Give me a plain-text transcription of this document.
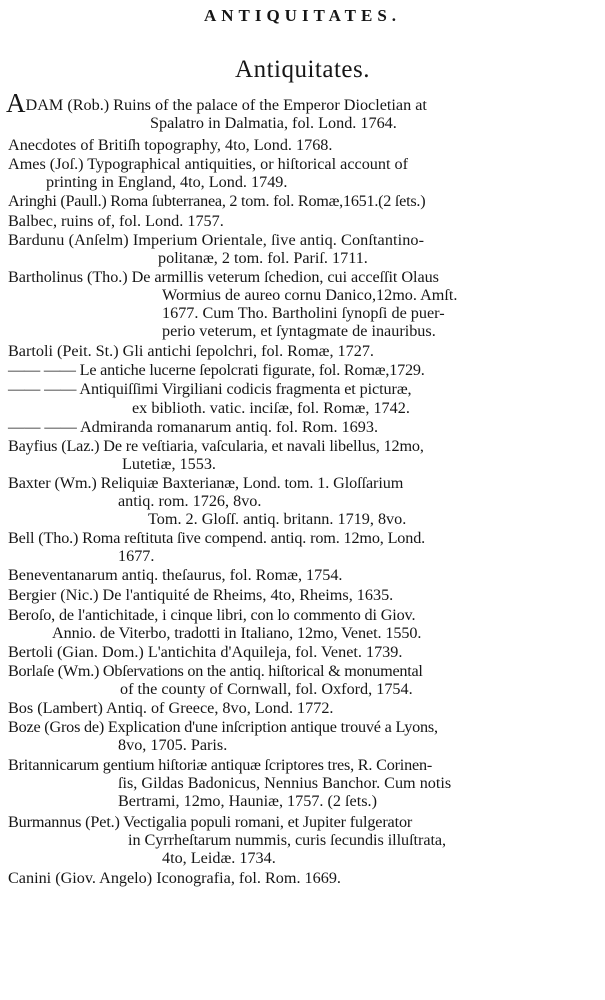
ANTIQUITATES.
Antiquitates.
ADAM (Rob.) Ruins of the palace of the Emperor Diocletian at
Spalatro in Dalmatia, fol. Lond. 1764.
Anecdotes of Britiſh topography, 4to, Lond. 1768.
Ames (Joſ.) Typographical antiquities, or hiſtorical account of
printing in England, 4to, Lond. 1749.
Aringhi (Paull.) Roma ſubterranea, 2 tom. fol. Romæ,1651.(2 ſets.)
Balbec, ruins of, fol. Lond. 1757.
Bardunu (Anſelm) Imperium Orientale, ſive antiq. Conſtantino-
politanæ, 2 tom. fol. Pariſ. 1711.
Bartholinus (Tho.) De armillis veterum ſchedion, cui acceſſit Olaus
Wormius de aureo cornu Danico,12mo. Amſt.
1677. Cum Tho. Bartholini ſynopſi de puer-
perio veterum, et ſyntagmate de inauribus.
Bartoli (Peit. St.) Gli antichi ſepolchri, fol. Romæ, 1727.
—— —— Le antiche lucerne ſepolcrati figurate, fol. Romæ,1729.
—— —— Antiquiſſimi Virgiliani codicis fragmenta et picturæ,
ex biblioth. vatic. inciſæ, fol. Romæ, 1742.
—— —— Admiranda romanarum antiq. fol. Rom. 1693.
Bayfius (Laz.) De re veſtiaria, vaſcularia, et navali libellus, 12mo,
Lutetiæ, 1553.
Baxter (Wm.) Reliquiæ Baxterianæ, Lond. tom. 1. Gloſſarium
antiq. rom. 1726, 8vo.
Tom. 2. Gloſſ. antiq. britann. 1719, 8vo.
Bell (Tho.) Roma reſtituta ſive compend. antiq. rom. 12mo, Lond.
1677.
Beneventanarum antiq. theſaurus, fol. Romæ, 1754.
Bergier (Nic.) De l'antiquité de Rheims, 4to, Rheims, 1635.
Beroſo, de l'antichitade, i cinque libri, con lo commento di Giov.
Annio. de Viterbo, tradotti in Italiano, 12mo, Venet. 1550.
Bertoli (Gian. Dom.) L'antichita d'Aquileja, fol. Venet. 1739.
Borlaſe (Wm.) Obſervations on the antiq. hiſtorical & monumental
of the county of Cornwall, fol. Oxford, 1754.
Bos (Lambert) Antiq. of Greece, 8vo, Lond. 1772.
Boze (Gros de) Explication d'une inſcription antique trouvé a Lyons,
8vo, 1705. Paris.
Britannicarum gentium hiſtoriæ antiquæ ſcriptores tres, R. Corinen-
ſis, Gildas Badonicus, Nennius Banchor. Cum notis
Bertrami, 12mo, Hauniæ, 1757. (2 ſets.)
Burmannus (Pet.) Vectigalia populi romani, et Jupiter fulgerator
in Cyrrheſtarum nummis, curis ſecundis illuſtrata,
4to, Leidæ. 1734.
Canini (Giov. Angelo) Iconografia, fol. Rom. 1669.
